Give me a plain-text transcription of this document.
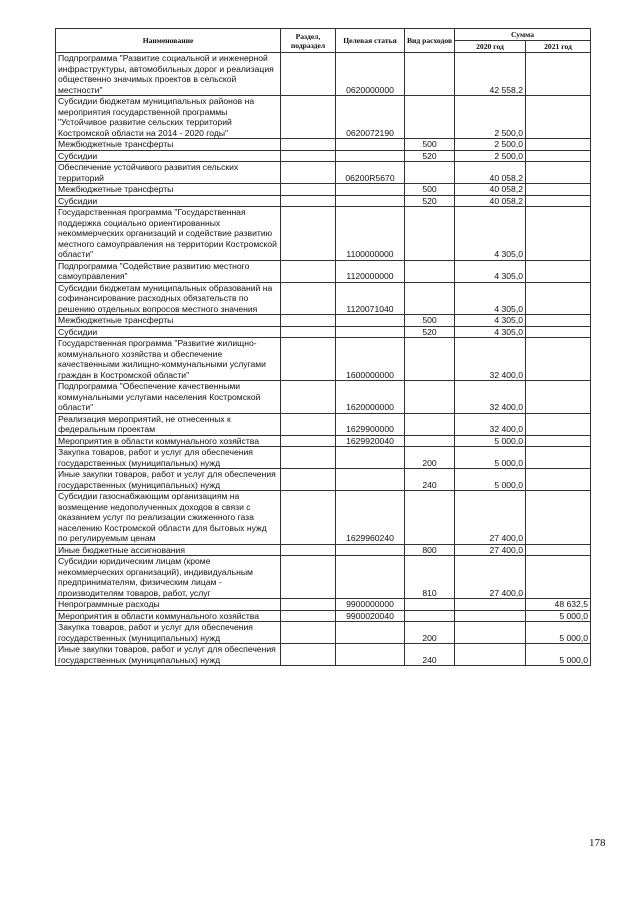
Наименование	Раздел, подраздел	Целевая статья	Вид расходов	Сумма	
				2020 год	2021 год
Подпрограмма "Развитие социальной и инженерной инфраструктуры, автомобильных дорог и реализация общественно значимых проектов в сельской местности"		0620000000		42 558,2	
Субсидии бюджетам муниципальных районов на мероприятия государственной программы "Устойчивое развитие сельских территорий Костромской области на 2014 - 2020 годы"		0620072190		2 500,0	
Межбюджетные трансферты			500	2 500,0	
Субсидии			520	2 500,0	
Обеспечение устойчивого развития сельских территорий		06200R5670		40 058,2	
Межбюджетные трансферты			500	40 058,2	
Субсидии			520	40 058,2	
Государственная программа "Государственная поддержка социально ориентированных некоммерческих организаций и содействие развитию местного самоуправления на территории Костромской области"		1100000000		4 305,0	
Подпрограмма "Содействие развитию местного самоуправления"		1120000000		4 305,0	
Субсидии бюджетам муниципальных образований на софинансирование расходных обязательств по решению отдельных вопросов местного значения		1120071040		4 305,0	
Межбюджетные трансферты			500	4 305,0	
Субсидии			520	4 305,0	
Государственная программа "Развитие жилищно-коммунального хозяйства и обеспечение качественными жилищно-коммунальными услугами граждан в Костромской области"		1600000000		32 400,0	
Подпрограмма "Обеспечение качественными коммунальными услугами населения Костромской области"		1620000000		32 400,0	
Реализация мероприятий, не отнесенных к федеральным проектам		1629900000		32 400,0	
Мероприятия в области коммунального хозяйства		1629920040		5 000,0	
Закупка товаров, работ и услуг для обеспечения государственных (муниципальных) нужд			200	5 000,0	
Иные закупки товаров, работ и услуг для обеспечения государственных (муниципальных) нужд			240	5 000,0	
Субсидии газоснабжающим организациям на возмещение недополученных доходов в связи с оказанием услуг по реализации сжиженного газа населению Костромской области для бытовых нужд по регулируемым ценам		1629960240		27 400,0	
Иные бюджетные ассигнования			800	27 400,0	
Субсидии юридическим лицам (кроме некоммерческих организаций), индивидуальным предпринимателям, физическим лицам - производителям товаров, работ, услуг			810	27 400,0	
Непрограммные расходы		9900000000			48 632,5
Мероприятия в области коммунального хозяйства		9900020040			5 000,0
Закупка товаров, работ и услуг для обеспечения государственных (муниципальных) нужд			200		5 000,0
Иные закупки товаров, работ и услуг для обеспечения государственных (муниципальных) нужд			240		5 000,0
178
